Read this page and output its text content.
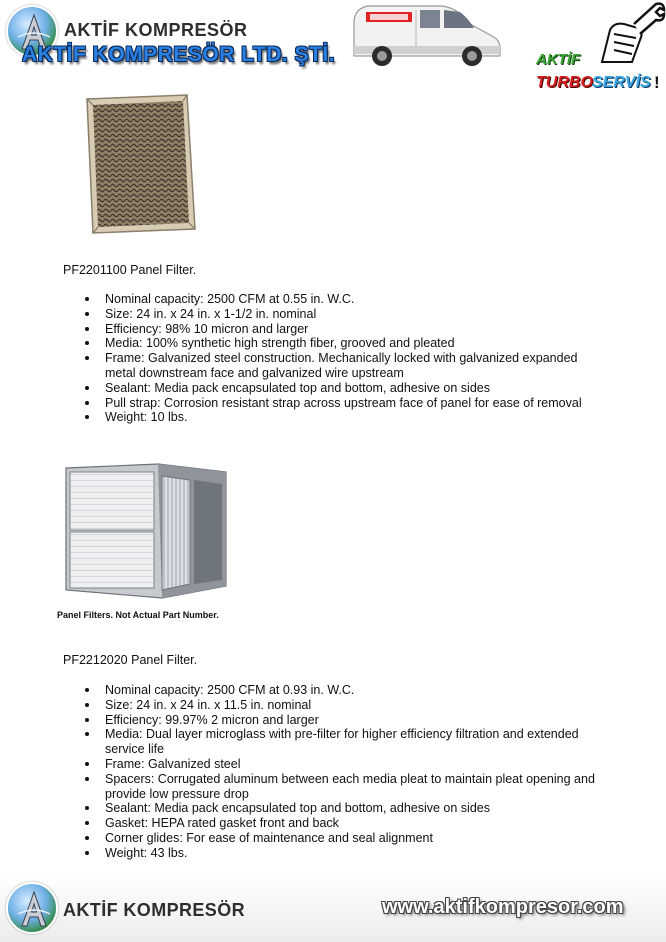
AKTİF KOMPRESÖR
AKTİF KOMPRESÖR LTD. ŞTİ.	AKTİF
TURBO SERVİS !
PF2201100 Panel Filter.
Nominal capacity: 2500 CFM at 0.55 in. W.C.
Size: 24 in. x 24 in. x 1-1/2 in. nominal
Efficiency: 98% 10 micron and larger
Media: 100% synthetic high strength fiber, grooved and pleated
Frame: Galvanized steel construction. Mechanically locked with galvanized expanded metal downstream face and galvanized wire upstream
Sealant: Media pack encapsulated top and bottom, adhesive on sides
Pull strap: Corrosion resistant strap across upstream face of panel for ease of removal
Weight: 10 lbs.
Panel Filters. Not Actual Part Number.
PF2212020 Panel Filter.
Nominal capacity: 2500 CFM at 0.93 in. W.C.
Size: 24 in. x 24 in. x 11.5 in. nominal
Efficiency: 99.97% 2 micron and larger
Media: Dual layer microglass with pre-filter for higher efficiency filtration and extended service life
Frame: Galvanized steel
Spacers: Corrugated aluminum between each media pleat to maintain pleat opening and provide low pressure drop
Sealant: Media pack encapsulated top and bottom, adhesive on sides
Gasket: HEPA rated gasket front and back
Corner glides: For ease of maintenance and seal alignment
Weight: 43 lbs.
AKTİF KOMPRESÖR	www.aktifkompresor.com
